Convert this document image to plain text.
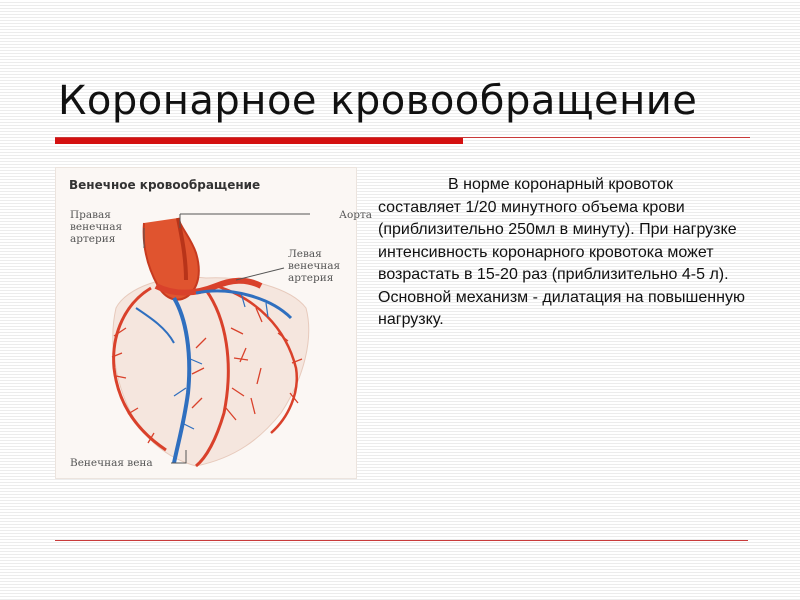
Коронарное кровообращение
Венечное кровообращение
Правая
венечная
артерия
Аорта
Левая
венечная
артерия
Венечная вена

В норме коронарный кровоток составляет 1/20 минутного объема крови (приблизительно 250мл в минуту). При нагрузке интенсивность коронарного кровотока может возрастать в 15-20 раз (приблизительно 4-5 л). Основной механизм - дилатация на повышенную нагрузку.
